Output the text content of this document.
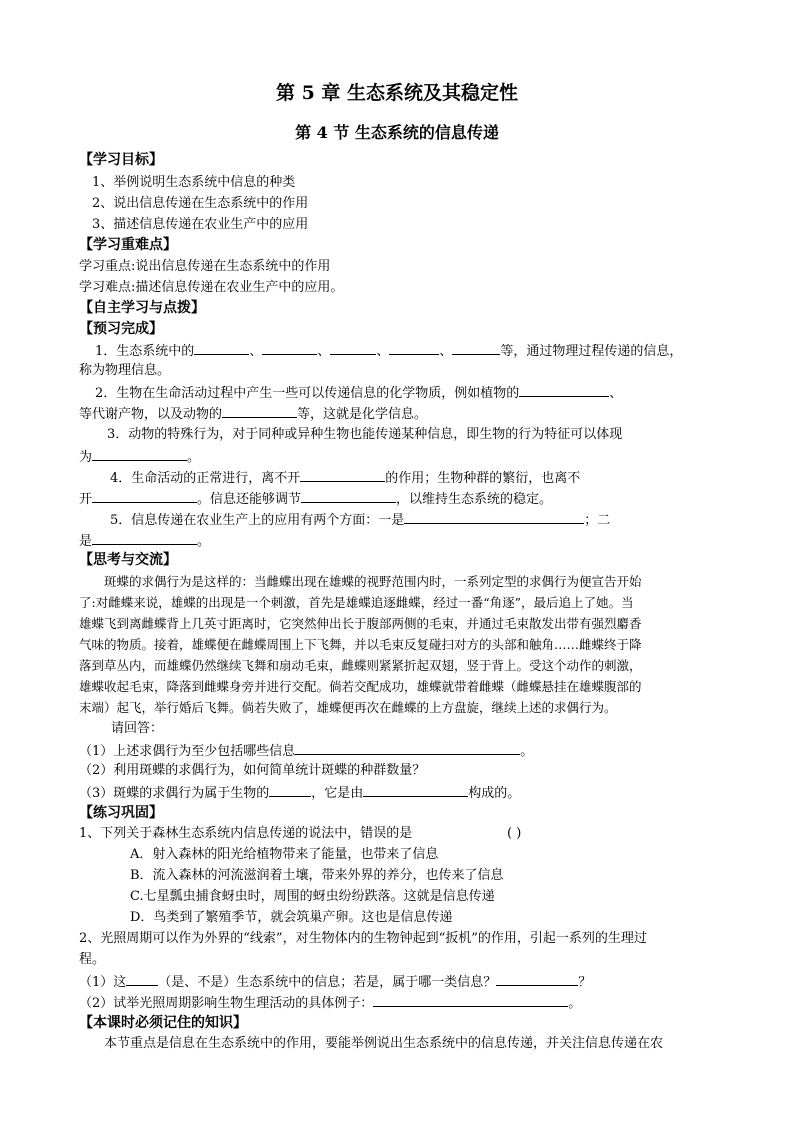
第 5 章 生态系统及其稳定性
第 4 节 生态系统的信息传递
【学习目标】
1、举例说明生态系统中信息的种类
2、说出信息传递在生态系统中的作用
3、描述信息传递在农业生产中的应用
【学习重难点】
学习重点:说出信息传递在生态系统中的作用
学习难点:描述信息传递在农业生产中的应用。
【自主学习与点拨】
【预习完成】
1．生态系统中的	、	、	、	、	等，通过物理过程传递的信息，
称为物理信息。
2．生物在生命活动过程中产生一些可以传递信息的化学物质，例如植物的	、
等代谢产物，以及动物的	等，这就是化学信息。
3．动物的特殊行为，对于同种或异种生物也能传递某种信息，即生物的行为特征可以体现
为	。
4．生命活动的正常进行，离不开	的作用；生物种群的繁衍，也离不
开	。信息还能够调节	，以维持生态系统的稳定。
5．信息传递在农业生产上的应用有两个方面：一是	；二
是	。
【思考与交流】
斑蝶的求偶行为是这样的：当雌蝶出现在雄蝶的视野范围内时，一系列定型的求偶行为便宣告开始
了:对雌蝶来说，雄蝶的出现是一个刺激，首先是雄蝶追逐雌蝶，经过一番“角逐”，最后追上了她。当
雄蝶飞到离雌蝶背上几英寸距离时，它突然伸出长于腹部两侧的毛束，并通过毛束散发出带有强烈麝香
气味的物质。接着，雄蝶便在雌蝶周围上下飞舞，并以毛束反复碰扫对方的头部和触角……雌蝶终于降
落到草丛内，而雄蝶仍然继续飞舞和扇动毛束，雌蝶则紧紧折起双翅，竖于背上。受这个动作的刺激，
雄蝶收起毛束，降落到雌蝶身旁并进行交配。倘若交配成功，雄蝶就带着雌蝶（雌蝶悬挂在雄蝶腹部的
末端）起飞，举行婚后飞舞。倘若失败了，雄蝶便再次在雌蝶的上方盘旋，继续上述的求偶行为。
请回答：
（1）上述求偶行为至少包括哪些信息	。
（2）利用斑蝶的求偶行为，如何简单统计斑蝶的种群数量？
（3）斑蝶的求偶行为属于生物的	，它是由	构成的。
【练习巩固】
1、下列关于森林生态系统内信息传递的说法中，错误的是	( )
A．射入森林的阳光给植物带来了能量，也带来了信息
B．流入森林的河流滋润着土壤，带来外界的养分，也传来了信息
C.七星瓢虫捕食蚜虫时，周围的蚜虫纷纷跌落。这就是信息传递
D．鸟类到了繁殖季节，就会筑巢产卵。这也是信息传递
2、光照周期可以作为外界的“线索”，对生物体内的生物钟起到“扳机”的作用，引起一系列的生理过
程。
（1）这 （是、不是）生态系统中的信息；若是，属于哪一类信息？	？
（2）试举光照周期影响生物生理活动的具体例子：	。
【本课时必须记住的知识】
本节重点是信息在生态系统中的作用，要能举例说出生态系统中的信息传递，并关注信息传递在农
